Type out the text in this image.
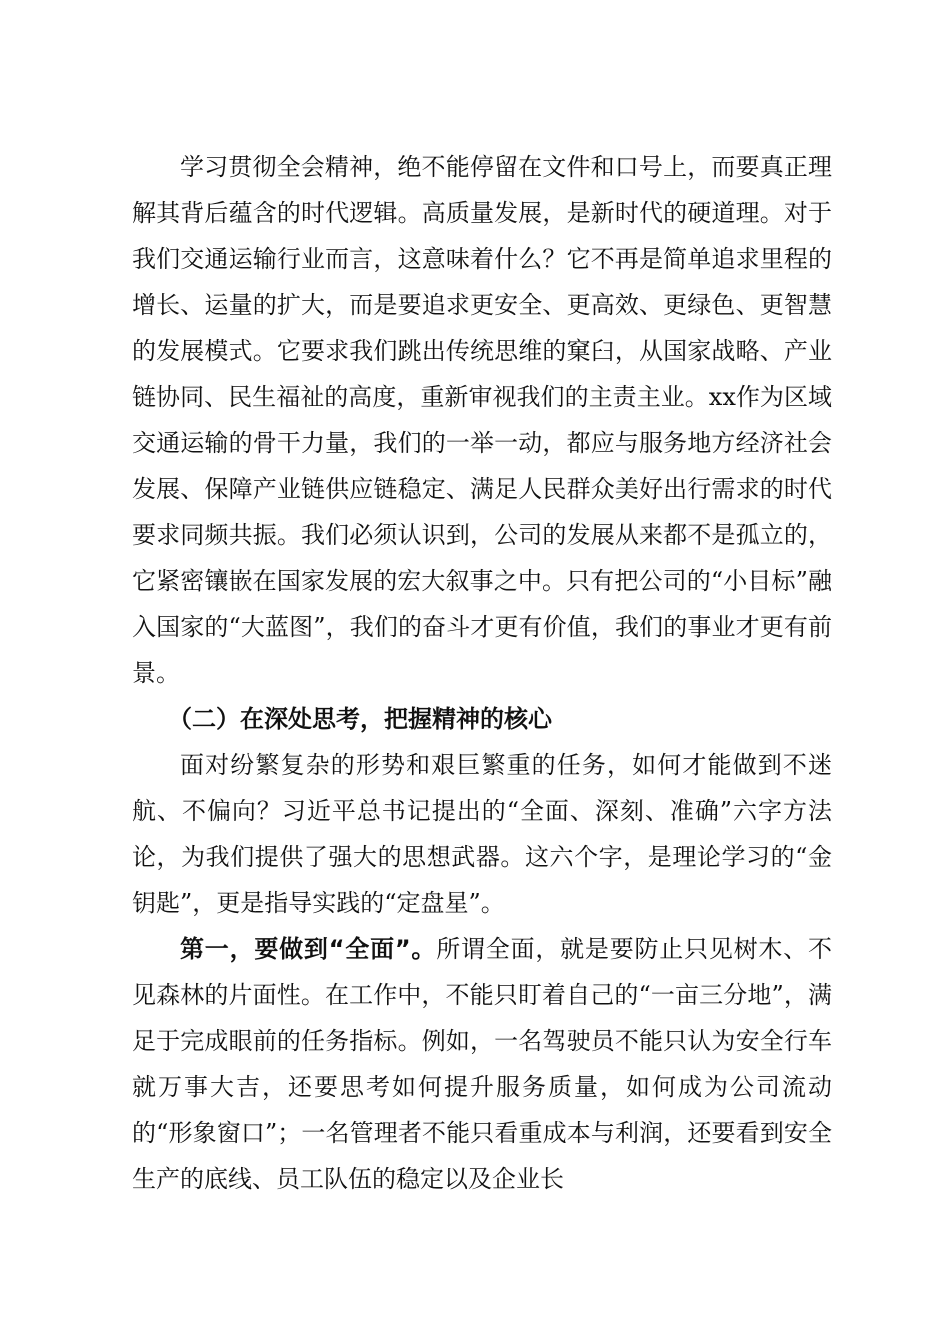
学习贯彻全会精神，绝不能停留在文件和口号上，而要真正理解其背后蕴含的时代逻辑。高质量发展，是新时代的硬道理。对于我们交通运输行业而言，这意味着什么？它不再是简单追求里程的增长、运量的扩大，而是要追求更安全、更高效、更绿色、更智慧的发展模式。它要求我们跳出传统思维的窠臼，从国家战略、产业链协同、民生福祉的高度，重新审视我们的主责主业。xx作为区域交通运输的骨干力量，我们的一举一动，都应与服务地方经济社会发展、保障产业链供应链稳定、满足人民群众美好出行需求的时代要求同频共振。我们必须认识到，公司的发展从来都不是孤立的，它紧密镶嵌在国家发展的宏大叙事之中。只有把公司的“小目标”融入国家的“大蓝图”，我们的奋斗才更有价值，我们的事业才更有前景。

（二）在深处思考，把握精神的核心

面对纷繁复杂的形势和艰巨繁重的任务，如何才能做到不迷航、不偏向？习近平总书记提出的“全面、深刻、准确”六字方法论，为我们提供了强大的思想武器。这六个字，是理论学习的“金钥匙”，更是指导实践的“定盘星”。

第一，要做到“全面”。所谓全面，就是要防止只见树木、不见森林的片面性。在工作中，不能只盯着自己的“一亩三分地”，满足于完成眼前的任务指标。例如，一名驾驶员不能只认为安全行车就万事大吉，还要思考如何提升服务质量，如何成为公司流动的“形象窗口”；一名管理者不能只看重成本与利润，还要看到安全生产的底线、员工队伍的稳定以及企业长
